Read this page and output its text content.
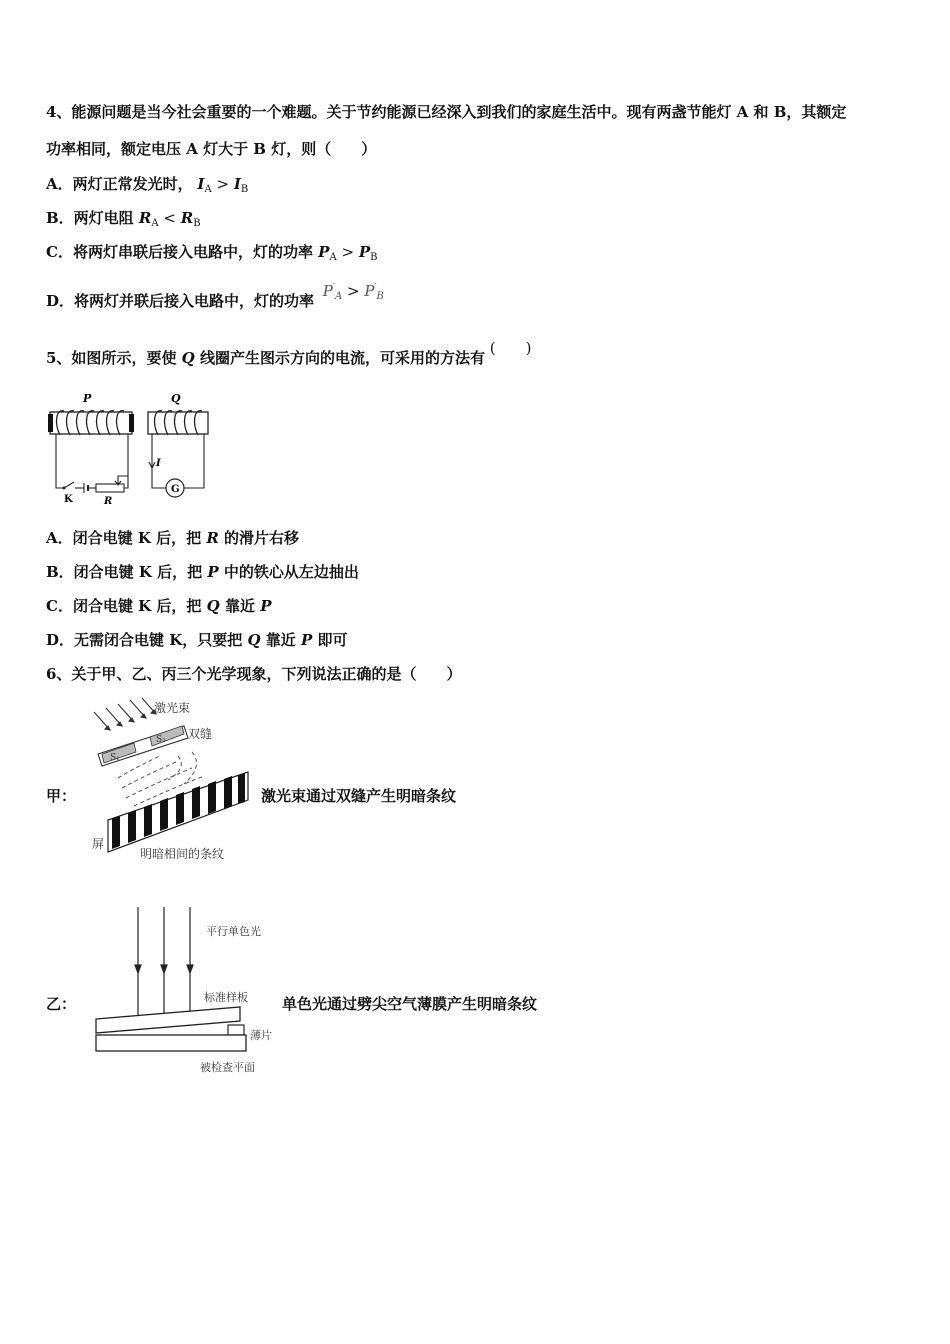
4、能源问题是当今社会重要的一个难题。关于节约能源已经深入到我们的家庭生活中。现有两盏节能灯 A 和 B，其额定
功率相同，额定电压 A 灯大于 B 灯，则（　　）
A．两灯正常发光时， $I_A > I_B$
B．两灯电阻 $R_A < R_B$
C．将两灯串联后接入电路中，灯的功率 $P_A > P_B$
D．将两灯并联后接入电路中，灯的功率 $P'_A > P'_B$
5、如图所示，要使 Q 线圈产生图示方向的电流，可采用的方法有 (　　)
P
K	R
Q
G
I
A．闭合电键 K 后，把 R 的滑片右移
B．闭合电键 K 后，把 P 中的铁心从左边抽出
C．闭合电键 K 后，把 Q 靠近 P
D．无需闭合电键 K，只要把 Q 靠近 P 即可
6、关于甲、乙、丙三个光学现象，下列说法正确的是（　　）
甲：
激光束
S₁
S₂ 双缝
屏
明暗相间的条纹
激光束通过双缝产生明暗条纹
乙：
平行单色光
标准样板
薄片
被检查平面
单色光通过劈尖空气薄膜产生明暗条纹
